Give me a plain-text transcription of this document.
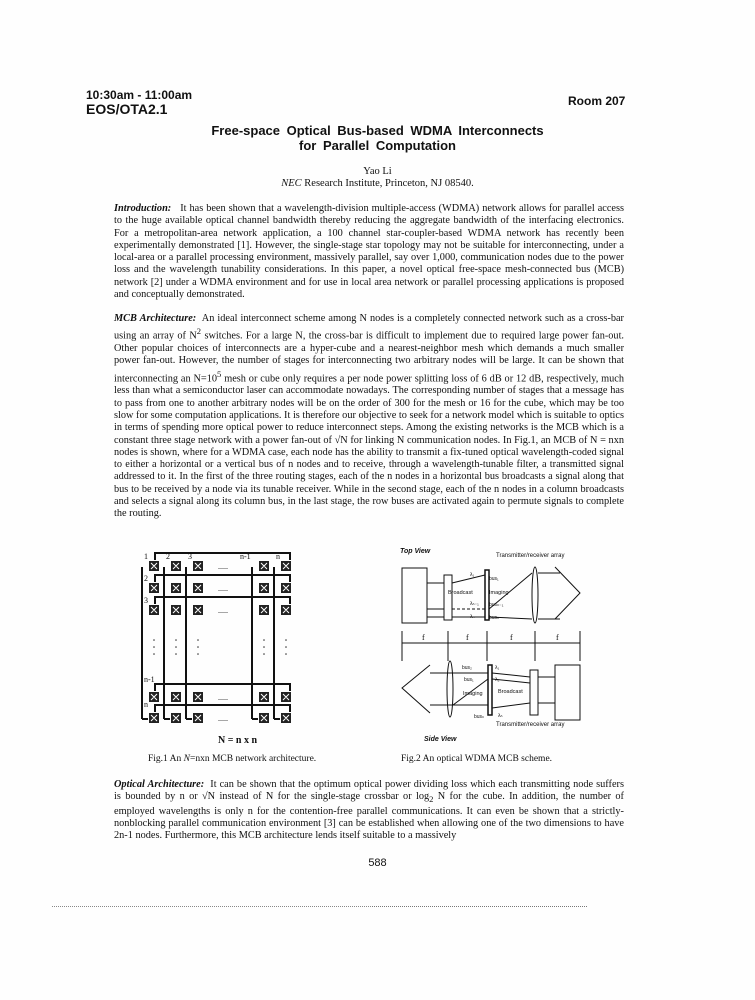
10:30am - 11:00am
EOS/OTA2.1	Room 207
Free-space Optical Bus-based WDMA Interconnects
for Parallel Computation
Yao Li
NEC Research Institute, Princeton, NJ 08540.
Introduction: It has been shown that a wavelength-division multiple-access (WDMA) network allows for parallel access to the huge available optical channel bandwidth thereby reducing the aggregate bandwidth of the interfacing electronics. For a metropolitan-area network application, a 100 channel star-coupler-based WDMA network has recently been experimentally demonstrated [1]. However, the single-stage star topology may not be suitable for interconnecting, under a local-area or a parallel processing environment, massively parallel, say over 1,000, communication nodes due to the power loss and the wavelength tunability considerations. In this paper, a novel optical free-space mesh-connected bus (MCB) network [2] under a WDMA environment and for use in local area network or parallel processing applications is proposed and conceptually demonstrated.
MCB Architecture: An ideal interconnect scheme among N nodes is a completely connected network such as a cross-bar using an array of $N^2$ switches. For a large N, the cross-bar is difficult to implement due to required large power fan-out. Other popular choices of interconnects are a hyper-cube and a nearest-neighbor mesh which demands a much smaller power fan-out. However, the number of stages for interconnecting two arbitrary nodes will be large. It can be shown that interconnecting an $N=10^5$ mesh or cube only requires a per node power splitting loss of 6 dB or 12 dB, respectively, much less than what a semiconductor laser can accommodate nowadays. The corresponding number of stages that a message has to pass from one to another arbitrary nodes will be on the order of 300 for the mesh or 16 for the cube, which may be too slow for some computation applications. It is therefore our objective to seek for a network model which is suitable to optics in terms of spending more optical power to reduce interconnect steps. Among the existing networks is the MCB which is a constant three stage network with a power fan-out of √N for linking N communication nodes. In Fig.1, an MCB of N = nxn nodes is shown, where for a WDMA case, each node has the ability to transmit a fix-tuned optical wavelength-coded signal to either a horizontal or a vertical bus of n nodes and to receive, through a wavelength-tunable filter, a transmitted signal addressed to it. In the first of the three routing stages, each of the n nodes in a horizontal bus broadcasts a signal along that bus to be received by a node via its tunable receiver. While in the second stage, each of the n nodes in a column broadcasts and selects a signal along its column bus, in the last stage, the row buses are activated again to permute signals to complete the routing.
1 2 3	n-1	n
2
3
n-1
n
.....
.....
.....
.....
.....
N = n x n
Fig.1 An N=nxn MCB network architecture.
Top View
Transmitter/receiver array
Broadcast	Imaging
bus₁
busₙ₋₁
busₙ
λ₁
λₙ₋₁
λₙ
f	f	f	f
bus₂
bus₁
λ₁
λ₂
Imaging	Broadcast
busₙ	λₙ
Transmitter/receiver array
Side View
Fig.2 An optical WDMA MCB scheme.
Optical Architecture: It can be shown that the optimum optical power dividing loss which each transmitting node suffers is bounded by n or √N instead of N for the single-stage crossbar or $\log_2 N$ for the cube. In addition, the number of employed wavelengths is only n for the contention-free parallel communications. It can even be shown that a strictly-nonblocking parallel communication environment [3] can be established when allowing one of the two dimensions to have 2n-1 nodes. Furthermore, this MCB architecture lends itself suitable to a massively
588
